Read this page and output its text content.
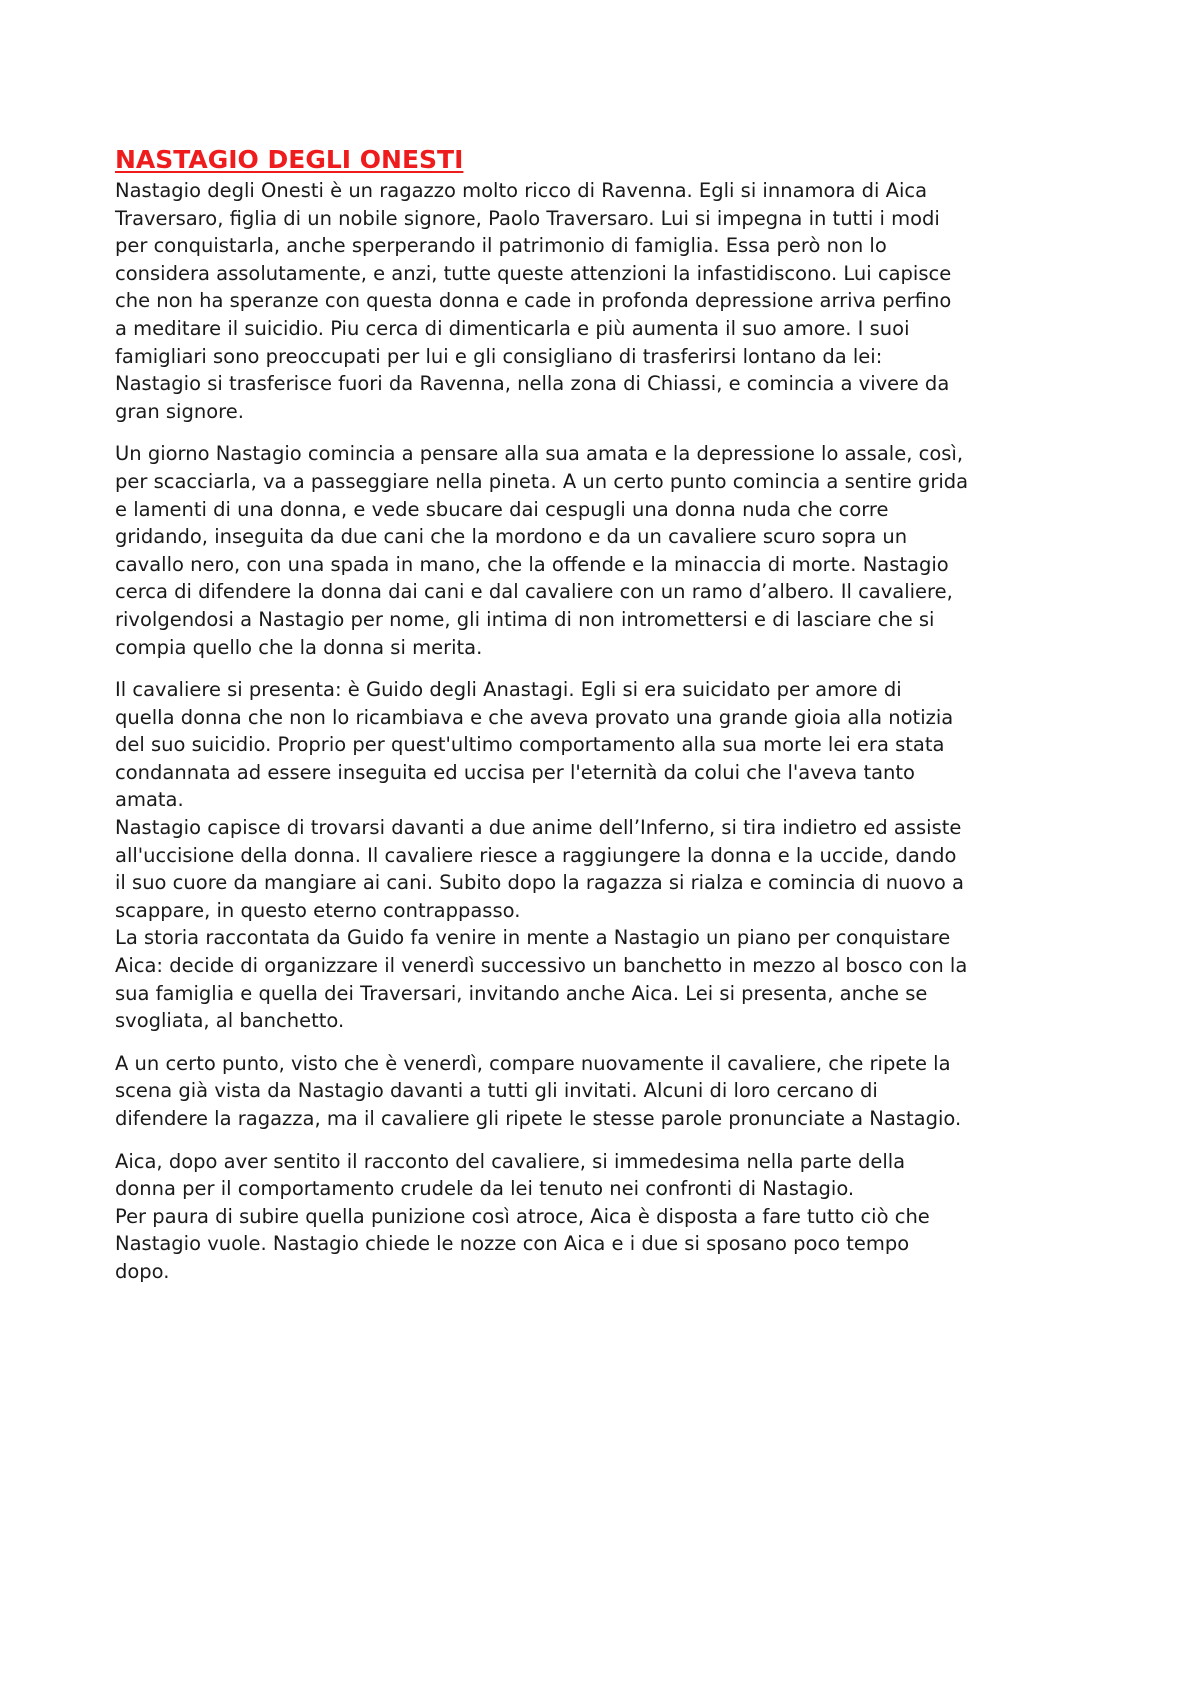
NASTAGIO DEGLI ONESTI

Nastagio degli Onesti è un ragazzo molto ricco di Ravenna. Egli si innamora di Aica
Traversaro, figlia di un nobile signore, Paolo Traversaro. Lui si impegna in tutti i modi
per conquistarla, anche sperperando il patrimonio di famiglia. Essa però non lo
considera assolutamente, e anzi, tutte queste attenzioni la infastidiscono. Lui capisce
che non ha speranze con questa donna e cade in profonda depressione arriva perfino
a meditare il suicidio. Piu cerca di dimenticarla e più aumenta il suo amore. I suoi
famigliari sono preoccupati per lui e gli consigliano di trasferirsi lontano da lei:
Nastagio si trasferisce fuori da Ravenna, nella zona di Chiassi, e comincia a vivere da
gran signore.

Un giorno Nastagio comincia a pensare alla sua amata e la depressione lo assale, così,
per scacciarla, va a passeggiare nella pineta. A un certo punto comincia a sentire grida
e lamenti di una donna, e vede sbucare dai cespugli una donna nuda che corre
gridando, inseguita da due cani che la mordono e da un cavaliere scuro sopra un
cavallo nero, con una spada in mano, che la offende e la minaccia di morte. Nastagio
cerca di difendere la donna dai cani e dal cavaliere con un ramo d’albero. Il cavaliere,
rivolgendosi a Nastagio per nome, gli intima di non intromettersi e di lasciare che si
compia quello che la donna si merita.

Il cavaliere si presenta: è Guido degli Anastagi. Egli si era suicidato per amore di
quella donna che non lo ricambiava e che aveva provato una grande gioia alla notizia
del suo suicidio. Proprio per quest'ultimo comportamento alla sua morte lei era stata
condannata ad essere inseguita ed uccisa per l'eternità da colui che l'aveva tanto
amata.
Nastagio capisce di trovarsi davanti a due anime dell’Inferno, si tira indietro ed assiste
all'uccisione della donna. Il cavaliere riesce a raggiungere la donna e la uccide, dando
il suo cuore da mangiare ai cani. Subito dopo la ragazza si rialza e comincia di nuovo a
scappare, in questo eterno contrappasso.
La storia raccontata da Guido fa venire in mente a Nastagio un piano per conquistare
Aica: decide di organizzare il venerdì successivo un banchetto in mezzo al bosco con la
sua famiglia e quella dei Traversari, invitando anche Aica. Lei si presenta, anche se
svogliata, al banchetto.

A un certo punto, visto che è venerdì, compare nuovamente il cavaliere, che ripete la
scena già vista da Nastagio davanti a tutti gli invitati. Alcuni di loro cercano di
difendere la ragazza, ma il cavaliere gli ripete le stesse parole pronunciate a Nastagio.

Aica, dopo aver sentito il racconto del cavaliere, si immedesima nella parte della
donna per il comportamento crudele da lei tenuto nei confronti di Nastagio.
Per paura di subire quella punizione così atroce, Aica è disposta a fare tutto ciò che
Nastagio vuole. Nastagio chiede le nozze con Aica e i due si sposano poco tempo
dopo.
